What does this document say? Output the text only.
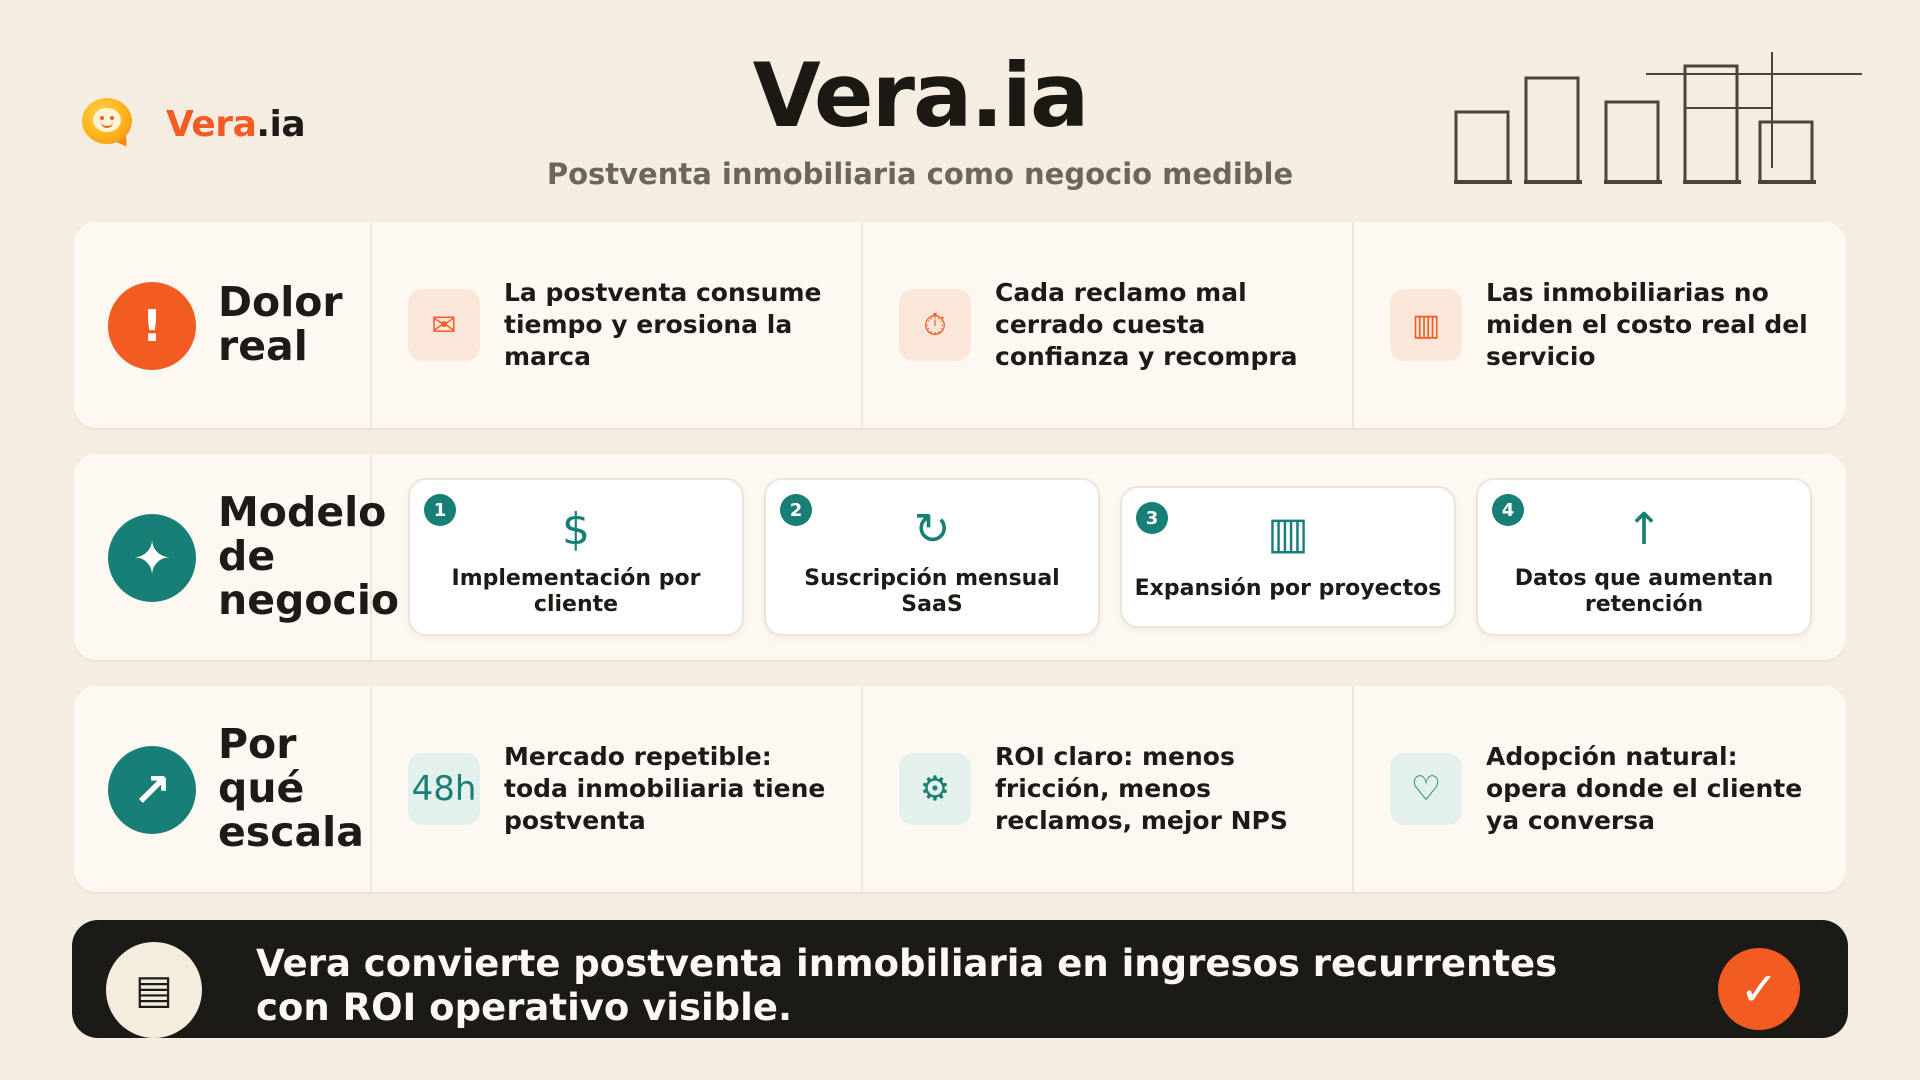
Vera.ia	Vera.ia
Postventa inmobiliaria como negocio medible
!	Dolor
real	✉
La postventa consume tiempo y erosiona la marca
⏱
Cada reclamo mal cerrado cuesta confianza y recompra
▥
Las inmobiliarias no miden el costo real del servicio
✦
Modelo
de
negocio
1	$
Implementación por cliente
2	↻
Suscripción mensual SaaS
3	▥
Expansión por proyectos
4	↑
Datos que aumentan retención
↗
Por
qué
escala
48h
Mercado repetible: toda inmobiliaria tiene postventa
⚙
ROI claro: menos fricción, menos reclamos, mejor NPS
♡
Adopción natural: opera donde el cliente ya conversa
▤
Vera convierte postventa inmobiliaria en ingresos recurrentes con ROI operativo visible.	✓
